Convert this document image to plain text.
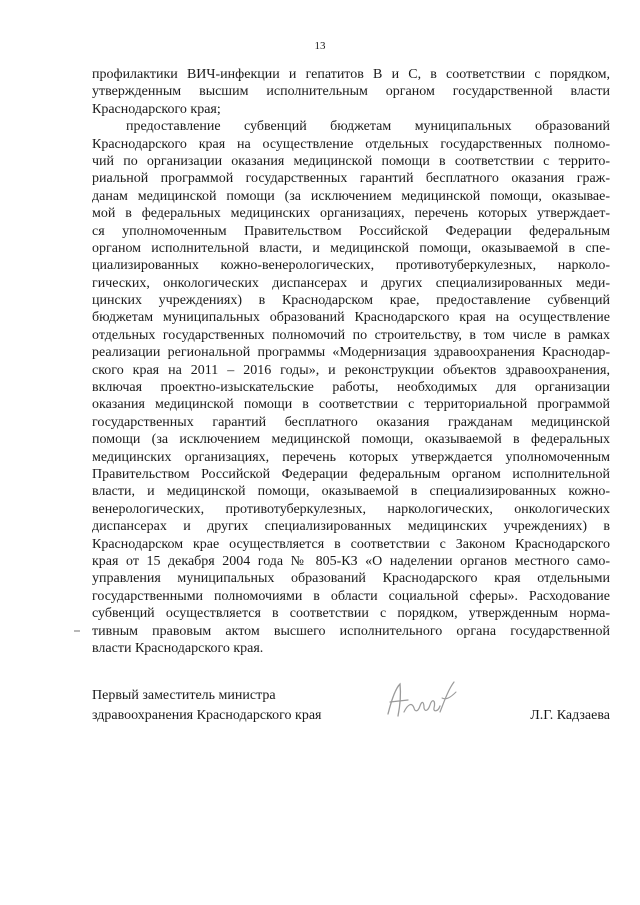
13
профилактики ВИЧ-инфекции и гепатитов В и С, в соответствии с порядком,
утвержденным высшим исполнительным органом государственной власти
Краснодарского края;
предоставление субвенций бюджетам муниципальных образований
Краснодарского края на осуществление отдельных государственных полномо-
чий по организации оказания медицинской помощи в соответствии с террито-
риальной программой государственных гарантий бесплатного оказания граж-
данам медицинской помощи (за исключением медицинской помощи, оказывае-
мой в федеральных медицинских организациях, перечень которых утверждает-
ся уполномоченным Правительством Российской Федерации федеральным
органом исполнительной власти, и медицинской помощи, оказываемой в спе-
циализированных кожно-венерологических, противотуберкулезных, нарколо-
гических, онкологических диспансерах и других специализированных меди-
цинских учреждениях) в Краснодарском крае, предоставление субвенций
бюджетам муниципальных образований Краснодарского края на осуществление
отдельных государственных полномочий по строительству, в том числе в рамках
реализации региональной программы «Модернизация здравоохранения Краснодар-
ского края на 2011 – 2016 годы», и реконструкции объектов здравоохранения,
включая проектно-изыскательские работы, необходимых для организации
оказания медицинской помощи в соответствии с территориальной программой
государственных гарантий бесплатного оказания гражданам медицинской
помощи (за исключением медицинской помощи, оказываемой в федеральных
медицинских организациях, перечень которых утверждается уполномоченным
Правительством Российской Федерации федеральным органом исполнительной
власти, и медицинской помощи, оказываемой в специализированных кожно-
венерологических, противотуберкулезных, наркологических, онкологических
диспансерах и других специализированных медицинских учреждениях) в
Краснодарском крае осуществляется в соответствии с Законом Краснодарского
края от 15 декабря 2004 года № 805-КЗ «О наделении органов местного само-
управления муниципальных образований Краснодарского края отдельными
государственными полномочиями в области социальной сферы». Расходование
субвенций осуществляется в соответствии с порядком, утвержденным норма-
тивным правовым актом высшего исполнительного органа государственной
власти Краснодарского края.
Первый заместитель министра
здравоохранения Краснодарского края	Л.Г. Кадзаева
